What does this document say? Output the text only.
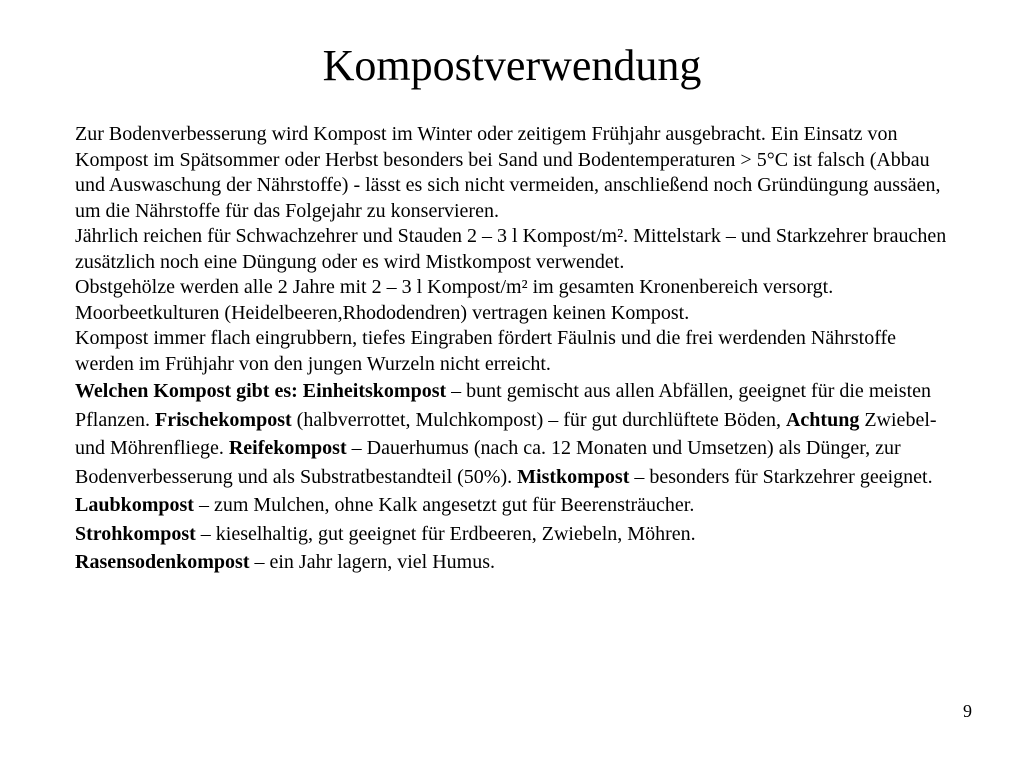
Kompostverwendung

Zur Bodenverbesserung wird Kompost im Winter oder zeitigem Frühjahr ausgebracht. Ein Einsatz von Kompost im Spätsommer oder Herbst besonders bei Sand und Bodentemperaturen > 5°C ist falsch (Abbau und Auswaschung der Nährstoffe) - lässt es sich nicht vermeiden, anschließend noch Gründüngung aussäen, um die Nährstoffe für das Folgejahr zu konservieren.

Jährlich reichen für Schwachzehrer und Stauden 2 – 3 l Kompost/m². Mittelstark – und Starkzehrer brauchen zusätzlich noch eine Düngung oder es wird Mistkompost verwendet.

Obstgehölze werden alle 2 Jahre mit 2 – 3 l Kompost/m² im gesamten Kronenbereich versorgt.

Moorbeetkulturen (Heidelbeeren,Rhododendren) vertragen keinen Kompost.

Kompost immer flach eingrubbern, tiefes Eingraben fördert Fäulnis und die frei werdenden Nährstoffe werden im Frühjahr von den jungen Wurzeln nicht erreicht.

Welchen Kompost gibt es: Einheitskompost – bunt gemischt aus allen Abfällen, geeignet für die meisten Pflanzen. Frischekompost (halbverrottet, Mulchkompost) – für gut durchlüftete Böden, Achtung Zwiebel- und Möhrenfliege. Reifekompost – Dauerhumus (nach ca. 12 Monaten und Umsetzen) als Dünger, zur Bodenverbesserung und als Substratbestandteil (50%). Mistkompost – besonders für Starkzehrer geeignet.

Laubkompost – zum Mulchen, ohne Kalk angesetzt gut für Beerensträucher.

Strohkompost – kieselhaltig, gut geeignet für Erdbeeren, Zwiebeln, Möhren.

Rasensodenkompost – ein Jahr lagern, viel Humus.

9
